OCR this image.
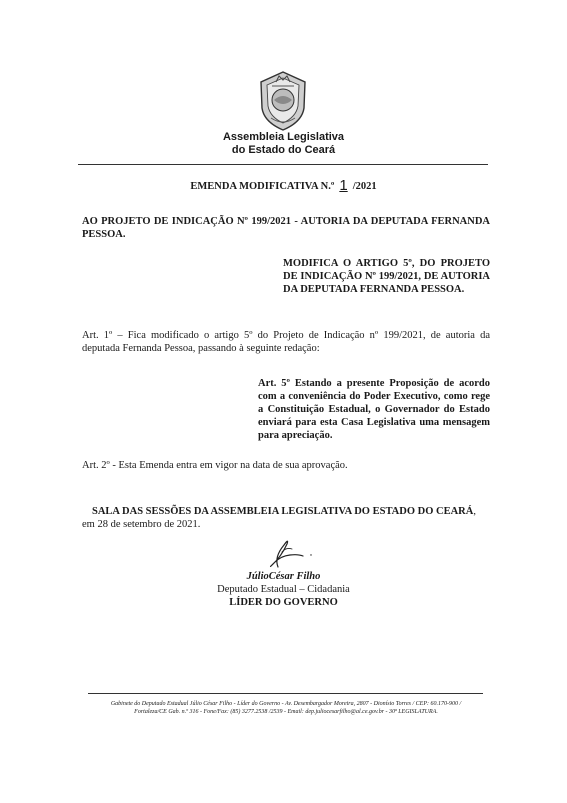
Assembleia Legislativa
do Estado do Ceará
EMENDA MODIFICATIVA N.º 1 /2021
AO PROJETO DE INDICAÇÃO Nº 199/2021 - AUTORIA DA DEPUTADA FERNANDA PESSOA.
MODIFICA O ARTIGO 5º, DO PROJETO DE INDICAÇÃO Nº 199/2021, DE AUTORIA DA DEPUTADA FERNANDA PESSOA.
Art. 1º – Fica modificado o artigo 5º do Projeto de Indicação nº 199/2021, de autoria da deputada Fernanda Pessoa, passando à seguinte redação:
Art. 5º Estando a presente Proposição de acordo com a conveniência do Poder Executivo, como rege a Constituição Estadual, o Governador do Estado enviará para esta Casa Legislativa uma mensagem para apreciação.
Art. 2º - Esta Emenda entra em vigor na data de sua aprovação.
SALA DAS SESSÕES DA ASSEMBLEIA LEGISLATIVA DO ESTADO DO CEARÁ, em 28 de setembro de 2021.
JúlioCésar Filho
Deputado Estadual – Cidadania
LÍDER DO GOVERNO
Gabinete do Deputado Estadual Júlio César Filho - Líder do Governo - Av. Desembargador Moreira, 2807 - Dionísio Torres / CEP: 60.170-900 /
Fortaleza/CE Gab. n.º 316 - Fone/Fax: (85) 3277.2538 /2539 - Email: dep.juliocesarfilho@al.ce.gov.br - 30ª LEGISLATURA.
